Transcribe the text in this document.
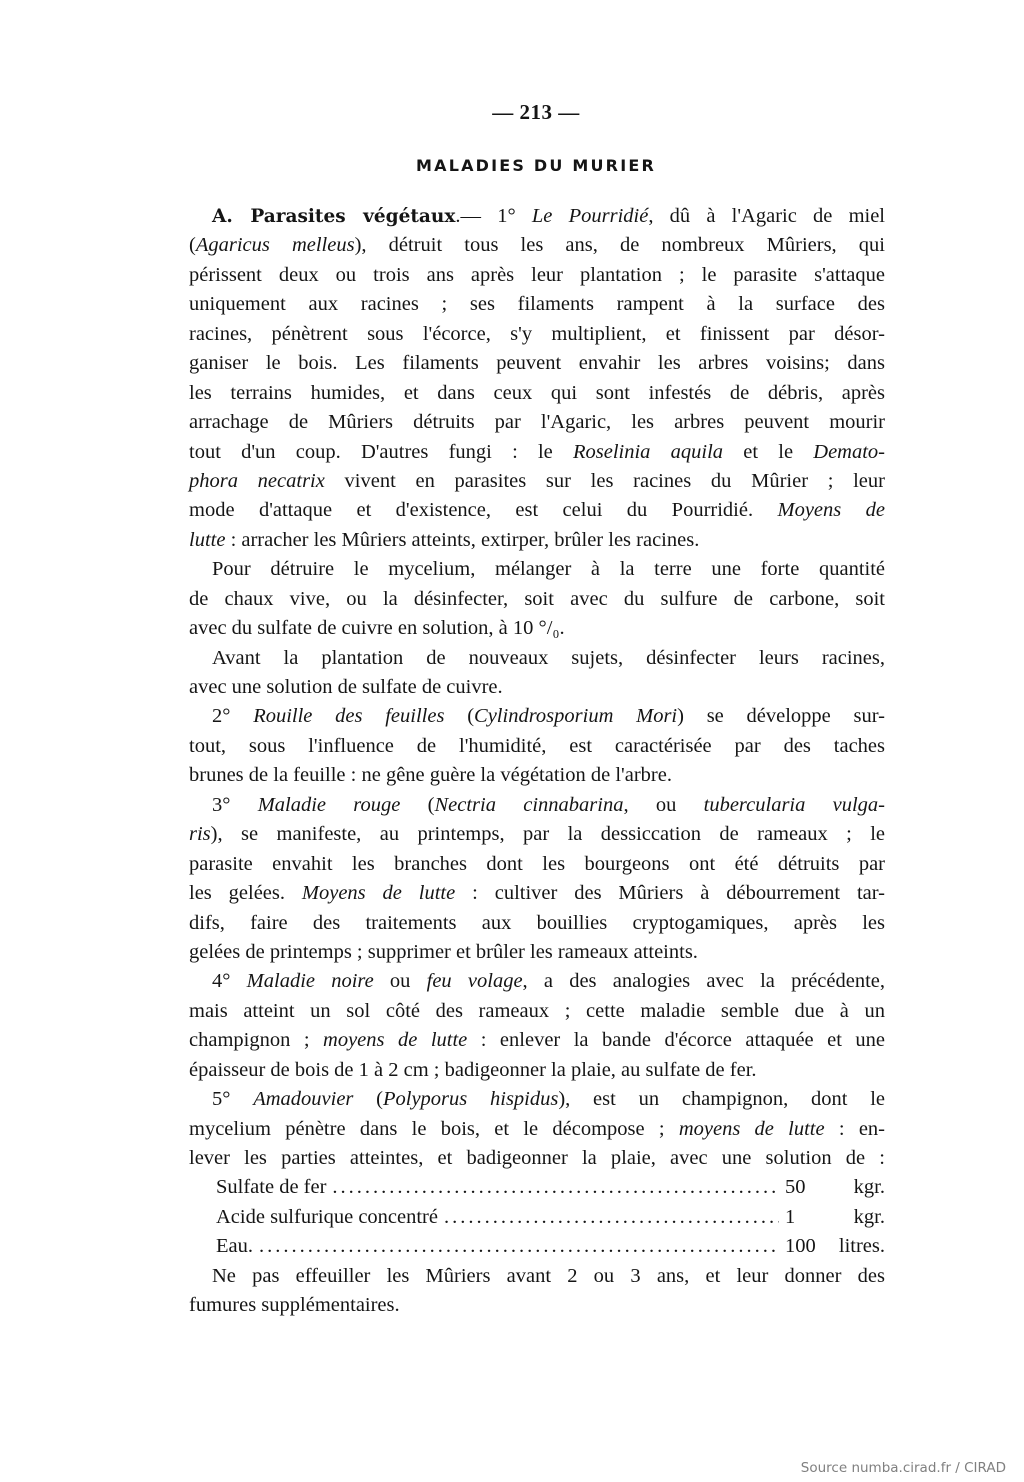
— 213 —
MALADIES DU MURIER
A. Parasites végétaux.— 1° Le Pourridié, dû à l'Agaric de miel
(Agaricus melleus), détruit tous les ans, de nombreux Mûriers, qui
périssent deux ou trois ans après leur plantation ; le parasite s'attaque
uniquement aux racines ; ses filaments rampent à la surface des
racines, pénètrent sous l'écorce, s'y multiplient, et finissent par désor-
ganiser le bois. Les filaments peuvent envahir les arbres voisins; dans
les terrains humides, et dans ceux qui sont infestés de débris, après
arrachage de Mûriers détruits par l'Agaric, les arbres peuvent mourir
tout d'un coup. D'autres fungi : le Roselinia aquila et le Demato-
phora necatrix vivent en parasites sur les racines du Mûrier ; leur
mode d'attaque et d'existence, est celui du Pourridié. Moyens de
lutte : arracher les Mûriers atteints, extirper, brûler les racines.
Pour détruire le mycelium, mélanger à la terre une forte quantité
de chaux vive, ou la désinfecter, soit avec du sulfure de carbone, soit
avec du sulfate de cuivre en solution, à 10 °/₀.
Avant la plantation de nouveaux sujets, désinfecter leurs racines,
avec une solution de sulfate de cuivre.
2° Rouille des feuilles (Cylindrosporium Mori) se développe sur-
tout, sous l'influence de l'humidité, est caractérisée par des taches
brunes de la feuille : ne gêne guère la végétation de l'arbre.
3° Maladie rouge (Nectria cinnabarina, ou tubercularia vulga-
ris), se manifeste, au printemps, par la dessiccation de rameaux ; le
parasite envahit les branches dont les bourgeons ont été détruits par
les gelées. Moyens de lutte : cultiver des Mûriers à débourrement tar-
difs, faire des traitements aux bouillies cryptogamiques, après les
gelées de printemps ; supprimer et brûler les rameaux atteints.
4° Maladie noire ou feu volage, a des analogies avec la précédente,
mais atteint un sol côté des rameaux ; cette maladie semble due à un
champignon ; moyens de lutte : enlever la bande d'écorce attaquée et une
épaisseur de bois de 1 à 2 cm ; badigeonner la plaie, au sulfate de fer.
5° Amadouvier (Polyporus hispidus), est un champignon, dont le
mycelium pénètre dans le bois, et le décompose ; moyens de lutte : en-
lever les parties atteintes, et badigeonner la plaie, avec une solution de :
Sulfate de fer .....	50 kgr.
Acide sulfurique concentré .....	1 kgr.
Eau. .....	100 litres.
Ne pas effeuiller les Mûriers avant 2 ou 3 ans, et leur donner des
fumures supplémentaires.
Source numba.cirad.fr / CIRAD
